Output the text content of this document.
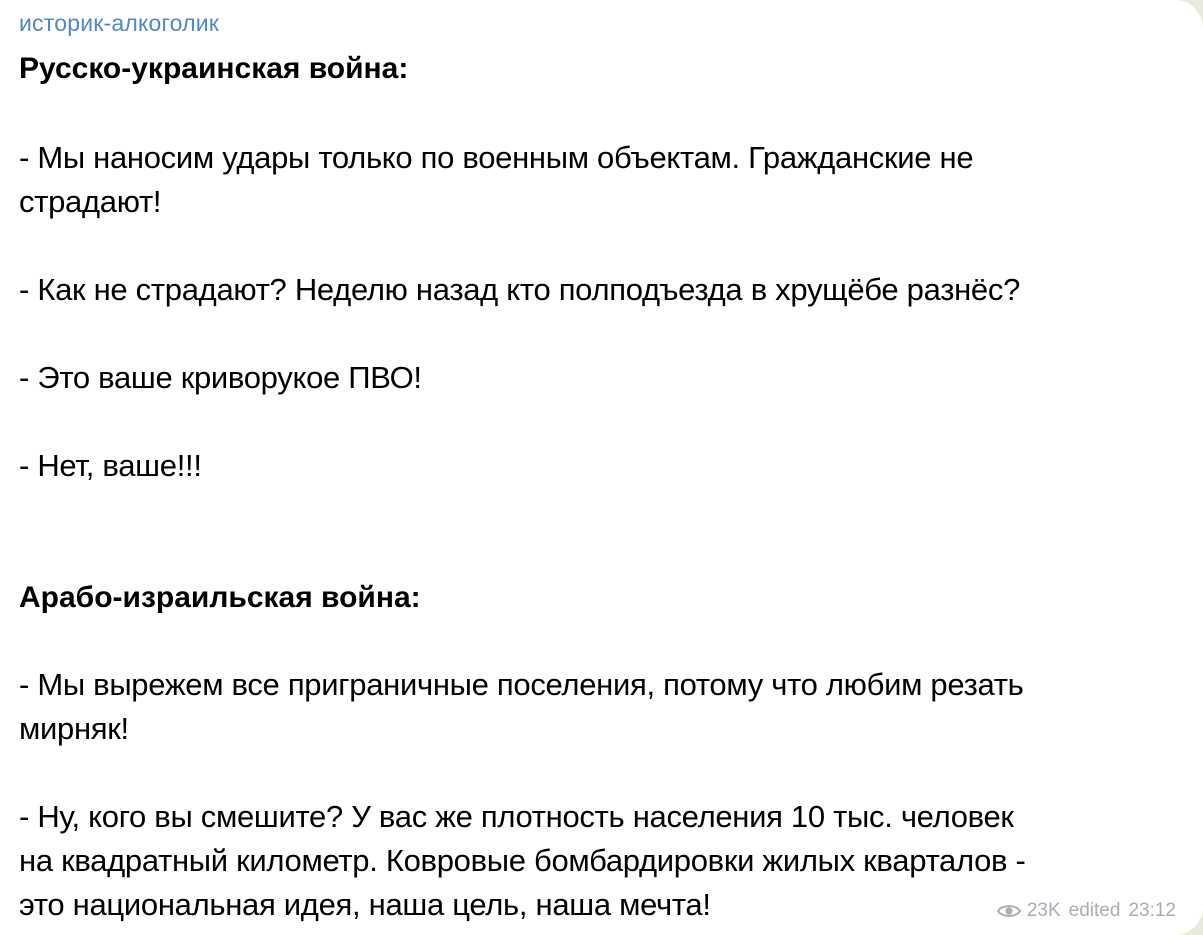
историк-алкоголик
Русско-украинская война:
- Мы наносим удары только по военным объектам. Гражданские не
страдают!
- Как не страдают? Неделю назад кто полподъезда в хрущёбе разнёс?
- Это ваше криворукое ПВО!
- Нет, ваше!!!
Арабо-израильская война:
- Мы вырежем все приграничные поселения, потому что любим резать
мирняк!
- Ну, кого вы смешите? У вас же плотность населения 10 тыс. человек
на квадратный километр. Ковровые бомбардировки жилых кварталов -
это национальная идея, наша цель, наша мечта!	23K edited 23:12
